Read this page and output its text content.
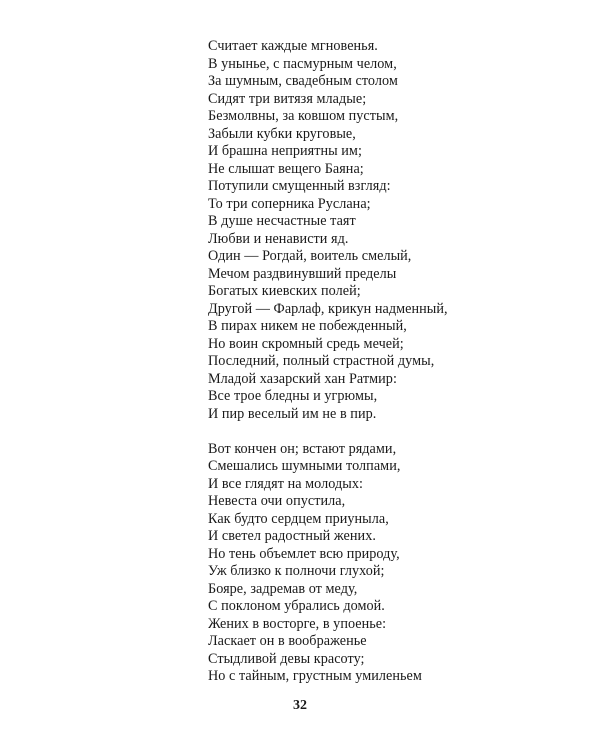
Считает каждые мгновенья.
В унынье, с пасмурным челом,
За шумным, свадебным столом
Сидят три витязя младые;
Безмолвны, за ковшом пустым,
Забыли кубки круговые,
И брашна неприятны им;
Не слышат вещего Баяна;
Потупили смущенный взгляд:
То три соперника Руслана;
В душе несчастные таят
Любви и ненависти яд.
Один — Рогдай, воитель смелый,
Мечом раздвинувший пределы
Богатых киевских полей;
Другой — Фарлаф, крикун надменный,
В пирах никем не побежденный,
Но воин скромный средь мечей;
Последний, полный страстной думы,
Младой хазарский хан Ратмир:
Все трое бледны и угрюмы,
И пир веселый им не в пир.
Вот кончен он; встают рядами,
Смешались шумными толпами,
И все глядят на молодых:
Невеста очи опустила,
Как будто сердцем приуныла,
И светел радостный жених.
Но тень объемлет всю природу,
Уж близко к полночи глухой;
Бояре, задремав от меду,
С поклоном убрались домой.
Жених в восторге, в упоенье:
Ласкает он в воображенье
Стыдливой девы красоту;
Но с тайным, грустным умиленьем
32
